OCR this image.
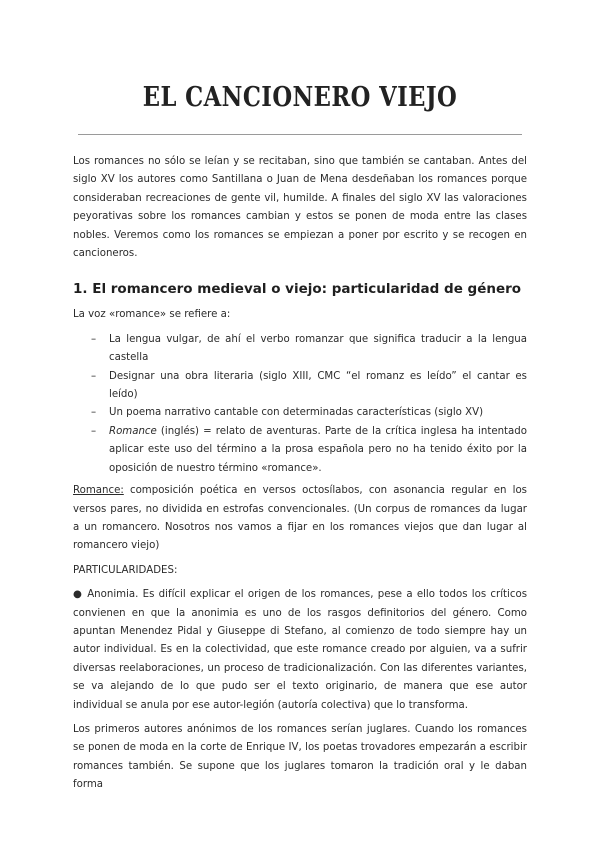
EL CANCIONERO VIEJO

Los romances no sólo se leían y se recitaban, sino que también se cantaban. Antes del siglo XV los autores como Santillana o Juan de Mena desdeñaban los romances porque consideraban recreaciones de gente vil, humilde. A finales del siglo XV las valoraciones peyorativas sobre los romances cambian y estos se ponen de moda entre las clases nobles. Veremos como los romances se empiezan a poner por escrito y se recogen en cancioneros.

1. El romancero medieval o viejo: particularidad de género

La voz «romance» se refiere a:

– La lengua vulgar, de ahí el verbo romanzar que significa traducir a la lengua castella
– Designar una obra literaria (siglo XIII, CMC “el romanz es leído” el cantar es leído)
– Un poema narrativo cantable con determinadas características (siglo XV)
– Romance (inglés) = relato de aventuras. Parte de la crítica inglesa ha intentado aplicar este uso del término a la prosa española pero no ha tenido éxito por la oposición de nuestro término «romance».

Romance: composición poética en versos octosílabos, con asonancia regular en los versos pares, no dividida en estrofas convencionales. (Un corpus de romances da lugar a un romancero. Nosotros nos vamos a fijar en los romances viejos que dan lugar al romancero viejo)

PARTICULARIDADES:

● Anonimia. Es difícil explicar el origen de los romances, pese a ello todos los críticos convienen en que la anonimia es uno de los rasgos definitorios del género. Como apuntan Menendez Pidal y Giuseppe di Stefano, al comienzo de todo siempre hay un autor individual. Es en la colectividad, que este romance creado por alguien, va a sufrir diversas reelaboraciones, un proceso de tradicionalización. Con las diferentes variantes, se va alejando de lo que pudo ser el texto originario, de manera que ese autor individual se anula por ese autor-legión (autoría colectiva) que lo transforma.

Los primeros autores anónimos de los romances serían juglares. Cuando los romances se ponen de moda en la corte de Enrique IV, los poetas trovadores empezarán a escribir romances también. Se supone que los juglares tomaron la tradición oral y le daban forma
